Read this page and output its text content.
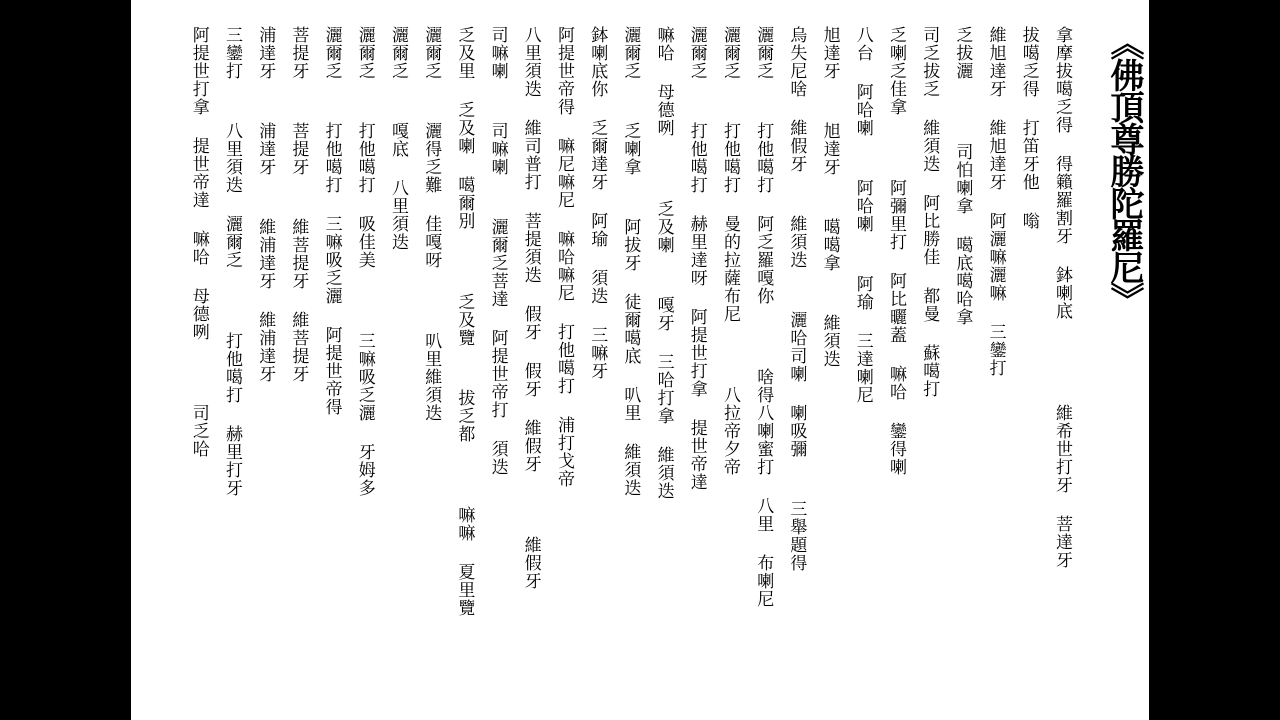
《佛頂尊勝陀羅尼》
拿摩拔噶乏得 得籟羅割牙 鉢喇底    維希世打牙 菩達牙
拔噶乏得 打笛牙他 嗡
維旭達牙 維旭達牙 阿灑嘛灑嘛 三鑾打
乏拔灑   司怕喇拿 噶底噶哈拿
司乏拔乏 維須迭 阿比勝佳 都曼 蘇噶打
乏喇乏佳拿   阿彌里打 阿比曬蓋 嘛哈 鑾得喇
八台 阿哈喇  阿哈喇  阿瑜 三達喇尼
旭達牙  旭達牙  噶噶拿  維須迭
烏失尼啥 維假牙  維須迭  灑哈司喇 喇吸彌  三舉題得
灑爾乏  打他噶打 阿乏羅嘎你   啥得八喇蜜打 八里 布喇尼
灑爾乏  打他噶打 曼的拉薩布尼   八拉帝夕帝
灑爾乏  打他噶打 赫里達呀 阿提世打拿 提世帝達
嘛哈 母德咧   乏及喇  嘎牙 三哈打拿 維須迭
灑爾乏  乏喇拿  阿拔牙 徒爾噶底 叭里 維須迭
鉢喇底你 乏爾達牙 阿瑜 須迭 三嘛牙
阿提世帝得 嘛尼嘛尼 嘛哈嘛尼 打他噶打 浦打戈帝
八里須迭 維司普打 菩提須迭 假牙 假牙 維假牙   維假牙
司嘛喇  司嘛喇  灑爾乏菩達 阿提世帝打 須迭
乏及里 乏及喇 噶爾別   乏及覽  拔乏都   嘛嘛 夏里覽
灑爾乏  灑得乏難 佳嘎呀   叭里維須迭
灑爾乏  嘎底 八里須迭
灑爾乏  打他噶打 吸佳美   三嘛吸乏灑 牙姆多
灑爾乏  打他噶打 三嘛吸乏灑 阿提世帝得
菩提牙  菩提牙  維菩提牙 維菩提牙
浦達牙  浦達牙  維浦達牙 維浦達牙
三鑾打  八里須迭 灑爾乏   打他噶打 赫里打牙
阿提世打拿 提世帝達 嘛哈 母德咧   司乏哈
